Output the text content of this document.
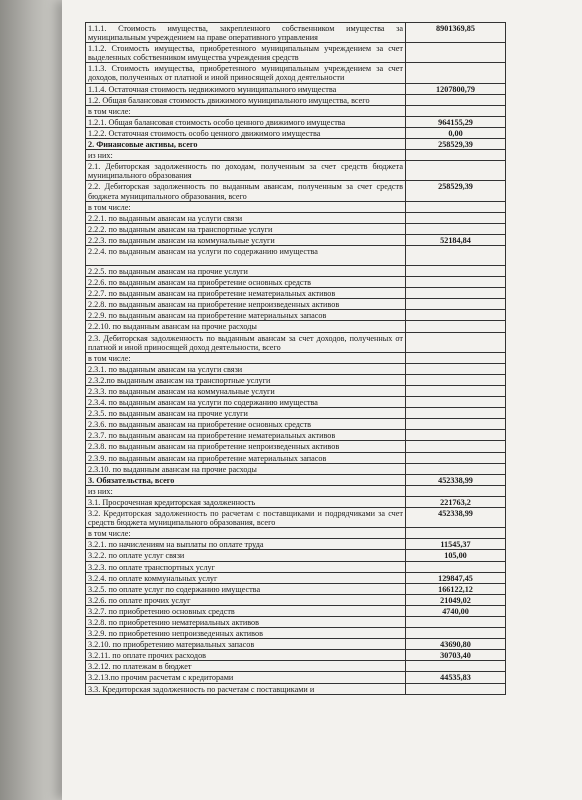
1.1.1. Стоимость имущества, закрепленного собственником имущества за муниципальным учреждением на праве оперативного управления	8901369,85
1.1.2. Стоимость имущества, приобретенного муниципальным учреждением за счет выделенных собственником имущества учреждения средств	
1.1.3. Стоимость имущества, приобретенного муниципальным учреждением за счет доходов, полученных от платной и иной приносящей доход деятельности	
1.1.4. Остаточная стоимость недвижимого муниципального имущества	1207800,79
1.2. Общая балансовая стоимость движимого муниципального имущества, всего	
в том числе:	
1.2.1. Общая балансовая стоимость особо ценного движимого имущества	964155,29
1.2.2. Остаточная стоимость особо ценного движимого имущества	0,00
2. Финансовые активы, всего	258529,39
из них:	
2.1. Дебиторская задолженность по доходам, полученным за счет средств бюджета муниципального образования	
2.2. Дебиторская задолженность по выданным авансам, полученным за счет средств бюджета муниципального образования, всего	258529,39
в том числе:	
2.2.1. по выданным авансам на услуги связи	
2.2.2. по выданным авансам на транспортные услуги	
2.2.3. по выданным авансам на коммунальные услуги	52184,84
2.2.4. по выданным авансам на услуги по содержанию имущества	
2.2.5. по выданным авансам на прочие услуги	
2.2.6. по выданным авансам на приобретение основных средств	
2.2.7. по выданным авансам на приобретение нематериальных активов	
2.2.8. по выданным авансам на приобретение непроизведенных активов	
2.2.9. по выданным авансам на приобретение материальных запасов	
2.2.10. по выданным авансам на прочие расходы	
2.3. Дебиторская задолженность по выданным авансам за счет доходов, полученных от платной и иной приносящей доход деятельности, всего	
в том числе:	
2.3.1. по выданным авансам на услуги связи	
2.3.2.по выданным авансам на транспортные услуги	
2.3.3. по выданным авансам на коммунальные услуги	
2.3.4. по выданным авансам на услуги по содержанию имущества	
2.3.5. по выданным авансам на прочие услуги	
2.3.6. по выданным авансам на приобретение основных средств	
2.3.7. по выданным авансам на приобретение нематериальных активов	
2.3.8. по выданным авансам на приобретение непроизведенных активов	
2.3.9. по выданным авансам на приобретение материальных запасов	
2.3.10. по выданным авансам на прочие расходы	
3. Обязательства, всего	452338,99
из них:	
3.1. Просроченная кредиторская задолженность	221763,2
3.2. Кредиторская задолженность по расчетам с поставщиками и подрядчиками за счет средств бюджета муниципального образования, всего	452338,99
в том числе:	
3.2.1. по начислениям на выплаты по оплате труда	11545,37
3.2.2. по оплате услуг связи	105,00
3.2.3. по оплате транспортных услуг	
3.2.4. по оплате коммунальных услуг	129847,45
3.2.5. по оплате услуг по содержанию имущества	166122,12
3.2.6. по оплате прочих услуг	21049,02
3.2.7. по приобретению основных средств	4740,00
3.2.8. по приобретению нематериальных активов	
3.2.9. по приобретению непроизведенных активов	
3.2.10. по приобретению материальных запасов	43690,80
3.2.11. по оплате прочих расходов	30703,40
3.2.12. по платежам в бюджет	
3.2.13.по прочим расчетам с кредиторами	44535,83
3.3. Кредиторская задолженность по расчетам с поставщиками и	
